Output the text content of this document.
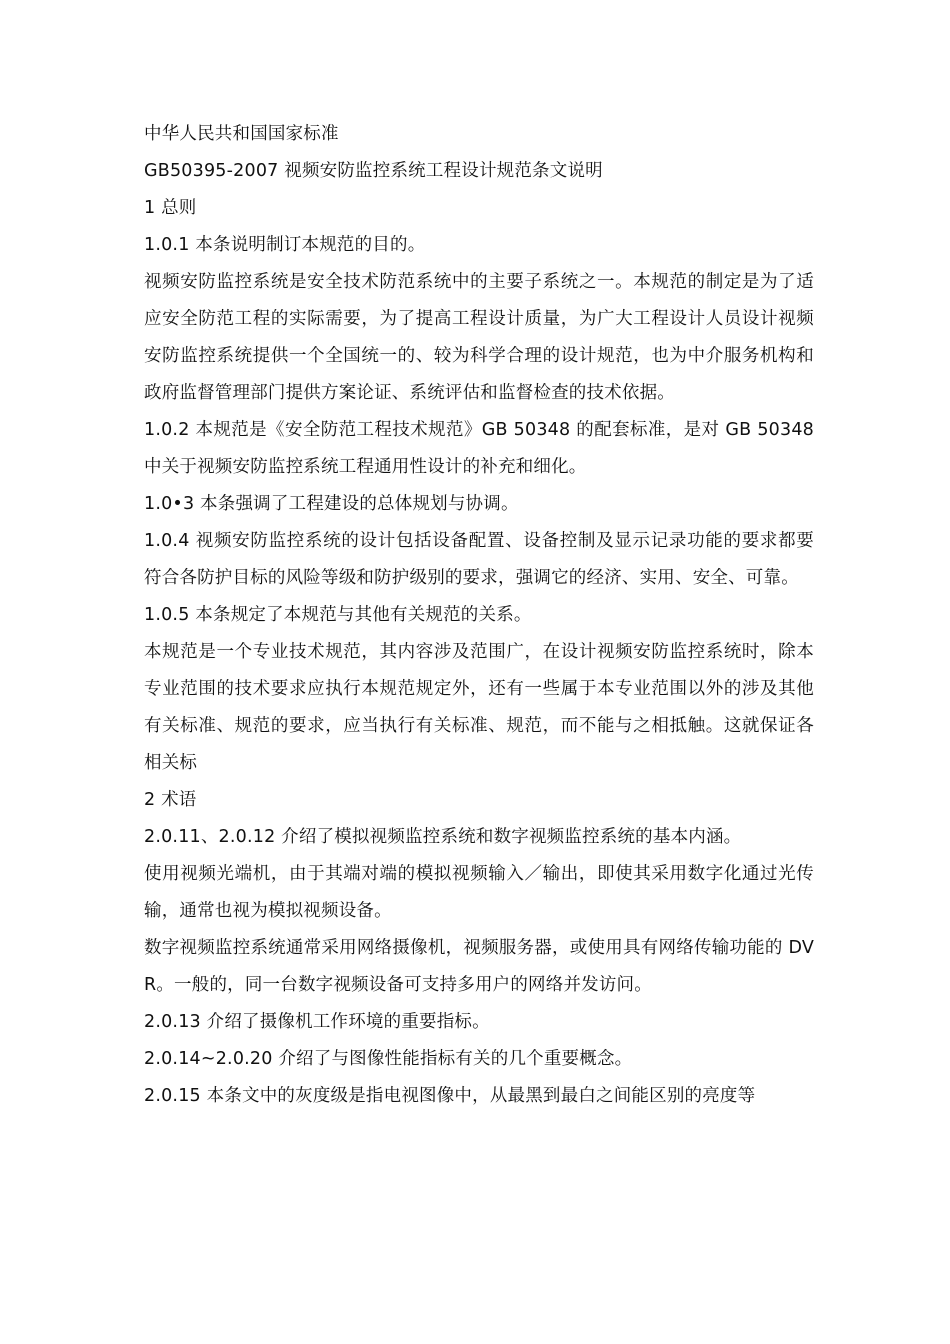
中华人民共和国国家标准

GB50395-2007 视频安防监控系统工程设计规范条文说明

1 总则

1.0.1 本条说明制订本规范的目的。

视频安防监控系统是安全技术防范系统中的主要子系统之一。本规范的制定是为了适应安全防范工程的实际需要，为了提高工程设计质量，为广大工程设计人员设计视频安防监控系统提供一个全国统一的、较为科学合理的设计规范，也为中介服务机构和政府监督管理部门提供方案论证、系统评估和监督检查的技术依据。

1.0.2 本规范是《安全防范工程技术规范》GB 50348 的配套标准，是对 GB 50348 中关于视频安防监控系统工程通用性设计的补充和细化。

1.0•3 本条强调了工程建设的总体规划与协调。

1.0.4 视频安防监控系统的设计包括设备配置、设备控制及显示记录功能的要求都要符合各防护目标的风险等级和防护级别的要求，强调它的经济、实用、安全、可靠。

1.0.5 本条规定了本规范与其他有关规范的关系。

本规范是一个专业技术规范，其内容涉及范围广，在设计视频安防监控系统时，除本专业范围的技术要求应执行本规范规定外，还有一些属于本专业范围以外的涉及其他有关标准、规范的要求，应当执行有关标准、规范，而不能与之相抵触。这就保证各相关标

2 术语

2.0.11、2.0.12 介绍了模拟视频监控系统和数字视频监控系统的基本内涵。

使用视频光端机，由于其端对端的模拟视频输入／输出，即使其采用数字化通过光传输，通常也视为模拟视频设备。

数字视频监控系统通常采用网络摄像机，视频服务器，或使用具有网络传输功能的 DVR。一般的，同一台数字视频设备可支持多用户的网络并发访问。

2.0.13 介绍了摄像机工作环境的重要指标。

2.0.14~2.0.20 介绍了与图像性能指标有关的几个重要概念。

2.0.15 本条文中的灰度级是指电视图像中，从最黑到最白之间能区别的亮度等
